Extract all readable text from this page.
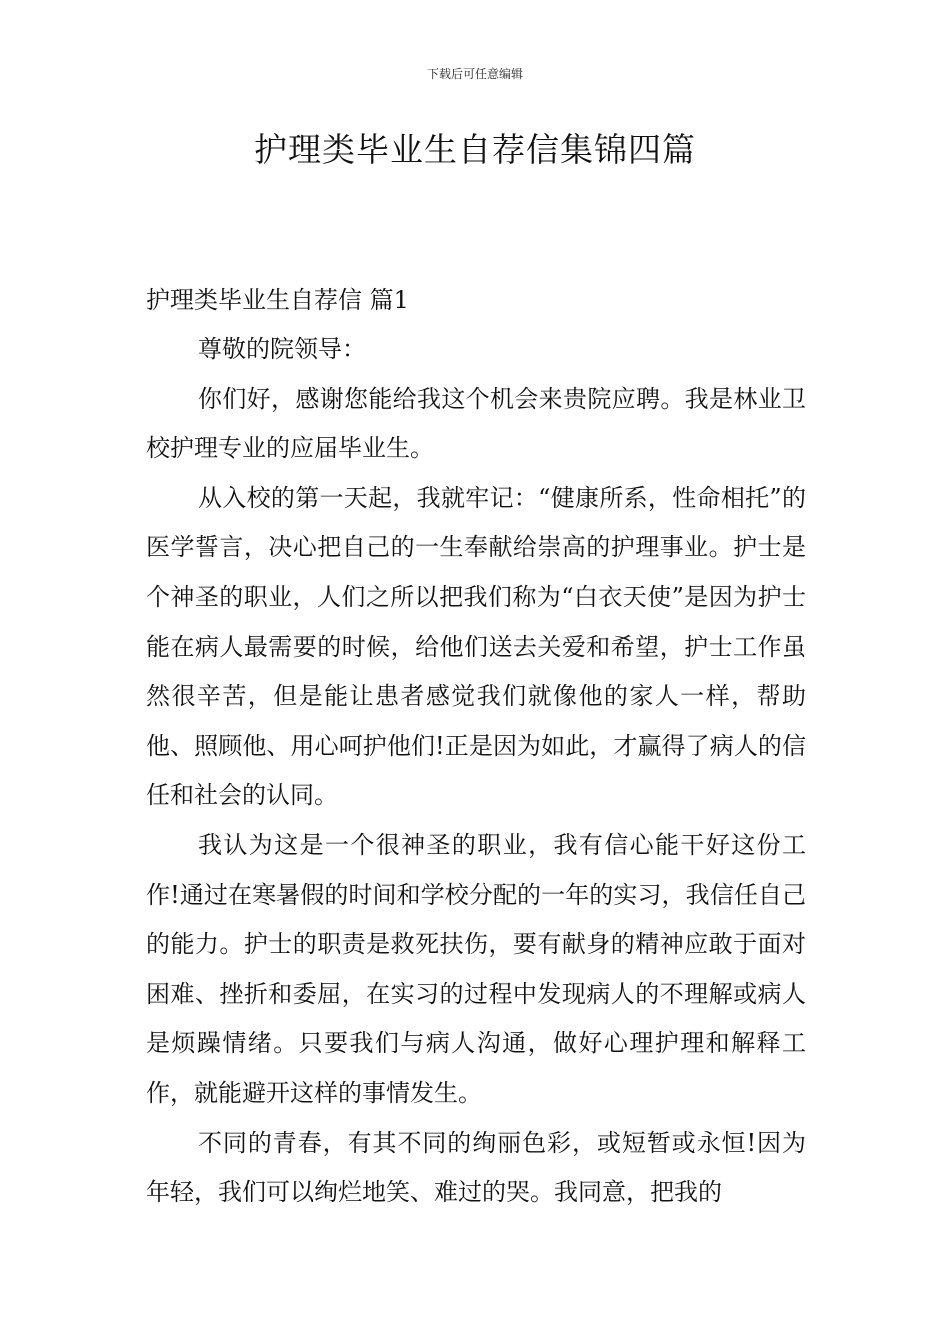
下载后可任意编辑
护理类毕业生自荐信集锦四篇

护理类毕业生自荐信 篇1

尊敬的院领导：

你们好，感谢您能给我这个机会来贵院应聘。我是林业卫校护理专业的应届毕业生。

从入校的第一天起，我就牢记：“健康所系，性命相托”的医学誓言，决心把自己的一生奉献给崇高的护理事业。护士是个神圣的职业，人们之所以把我们称为“白衣天使”是因为护士能在病人最需要的时候，给他们送去关爱和希望，护士工作虽然很辛苦，但是能让患者感觉我们就像他的家人一样，帮助他、照顾他、用心呵护他们!正是因为如此，才赢得了病人的信任和社会的认同。

我认为这是一个很神圣的职业，我有信心能干好这份工作!通过在寒暑假的时间和学校分配的一年的实习，我信任自己的能力。护士的职责是救死扶伤，要有献身的精神应敢于面对困难、挫折和委屈，在实习的过程中发现病人的不理解或病人是烦躁情绪。只要我们与病人沟通，做好心理护理和解释工作，就能避开这样的事情发生。

不同的青春，有其不同的绚丽色彩，或短暂或永恒!因为年轻，我们可以绚烂地笑、难过的哭。我同意，把我的
